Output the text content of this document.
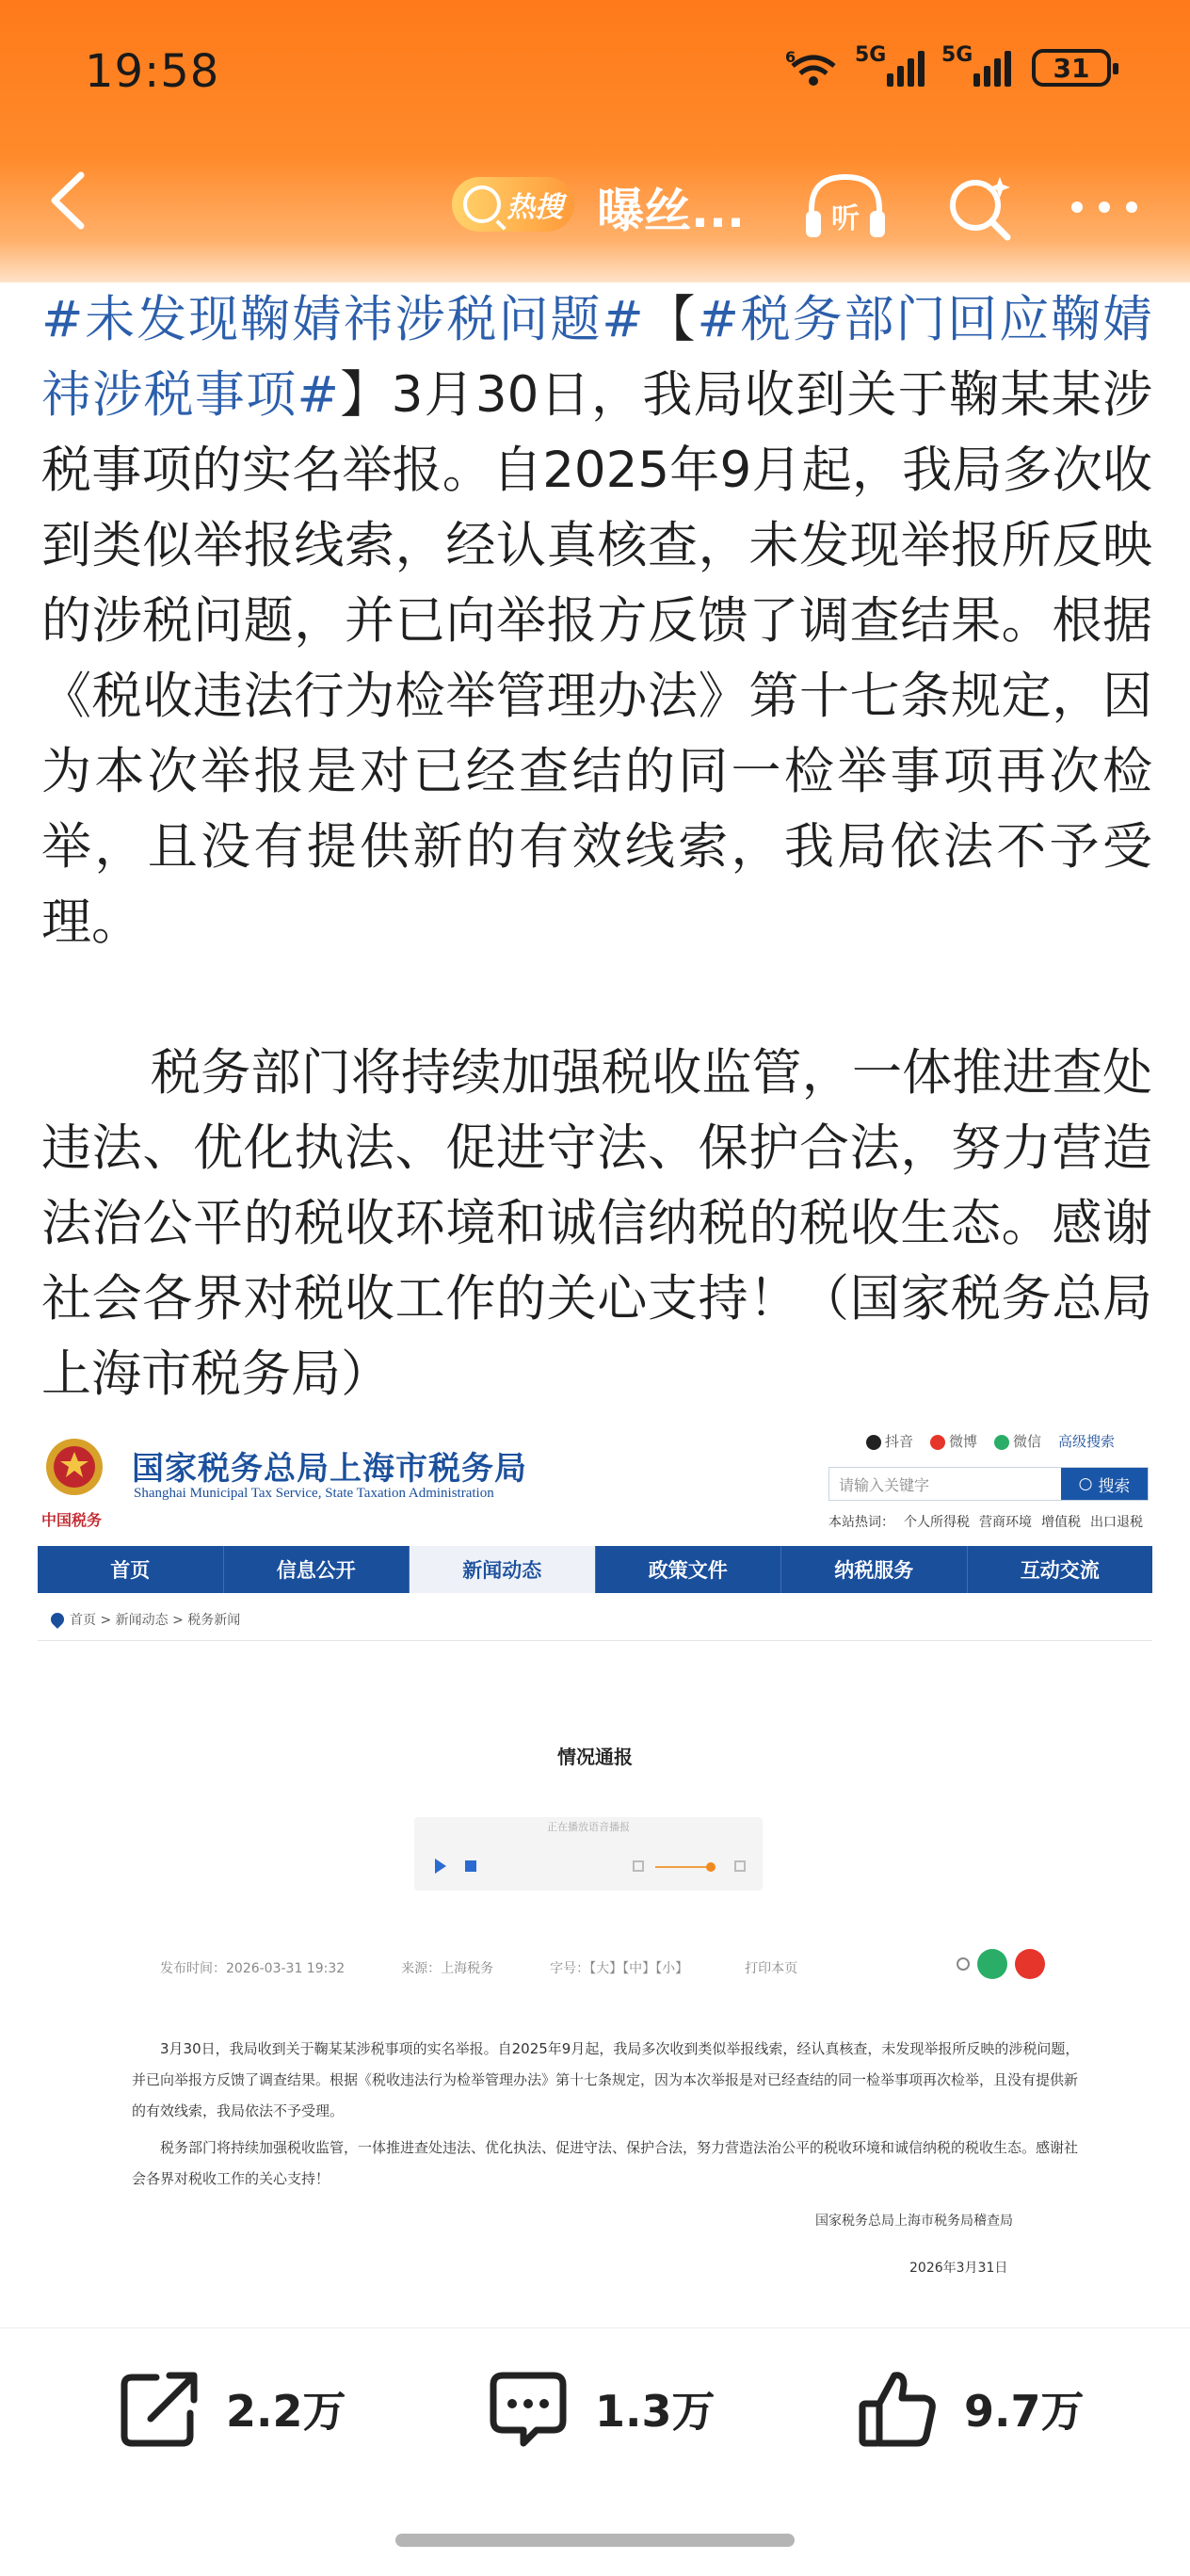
19:58	6	5G	5G	31
热搜 曝丝...	听
#未发现鞠婧祎涉税问题#【#税务部门回应鞠婧祎涉税事项#】3月30日，我局收到关于鞠某某涉税事项的实名举报。自2025年9月起，我局多次收到类似举报线索，经认真核查，未发现举报所反映的涉税问题，并已向举报方反馈了调查结果。根据《税收违法行为检举管理办法》第十七条规定，因为本次举报是对已经查结的同一检举事项再次检举，且没有提供新的有效线索，我局依法不予受理。
税务部门将持续加强税收监管，一体推进查处违法、优化执法、促进守法、保护合法，努力营造法治公平的税收环境和诚信纳税的税收生态。感谢社会各界对税收工作的关心支持！（国家税务总局上海市税务局）
中国税务
国家税务总局上海市税务局
Shanghai Municipal Tax Service, State Taxation Administration
抖音	微博	微信 高级搜索
请输入关键字	○ 搜索
本站热词： 个人所得税 营商环境 增值税 出口退税
首页	信息公开	新闻动态	政策文件	纳税服务	互动交流
首页 > 新闻动态 > 税务新闻
情况通报
正在播放语音播报
发布时间：2026-03-31 19:32	来源：上海税务	字号：【大】【中】【小】	打印本页

3月30日，我局收到关于鞠某某涉税事项的实名举报。自2025年9月起，我局多次收到类似举报线索，经认真核查，未发现举报所反映的涉税问题，并已向举报方反馈了调查结果。根据《税收违法行为检举管理办法》第十七条规定，因为本次举报是对已经查结的同一检举事项再次检举，且没有提供新的有效线索，我局依法不予受理。

税务部门将持续加强税收监管，一体推进查处违法、优化执法、促进守法、保护合法，努力营造法治公平的税收环境和诚信纳税的税收生态。感谢社会各界对税收工作的关心支持！

国家税务总局上海市税务局稽查局
2026年3月31日
2.2万	1.3万	9.7万
